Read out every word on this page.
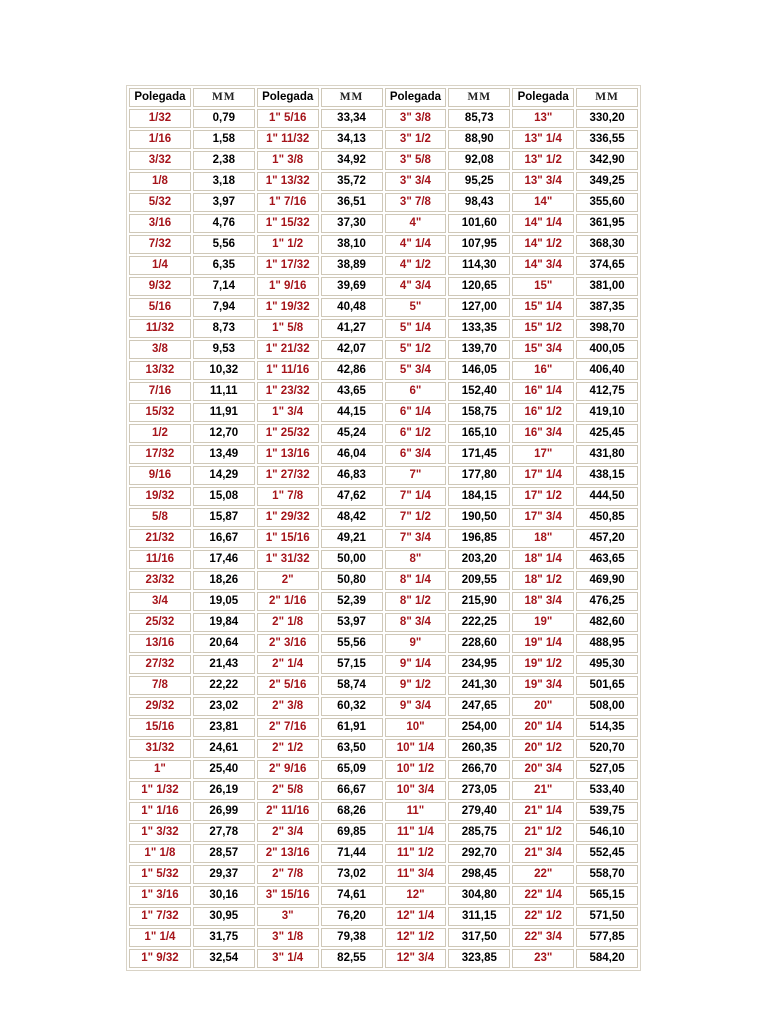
Polegada	MM	Polegada	MM	Polegada	MM	Polegada	MM
1/32	0,79	1" 5/16	33,34	3" 3/8	85,73	13"	330,20
1/16	1,58	1" 11/32	34,13	3" 1/2	88,90	13" 1/4	336,55
3/32	2,38	1" 3/8	34,92	3" 5/8	92,08	13" 1/2	342,90
1/8	3,18	1" 13/32	35,72	3" 3/4	95,25	13" 3/4	349,25
5/32	3,97	1" 7/16	36,51	3" 7/8	98,43	14"	355,60
3/16	4,76	1" 15/32	37,30	4"	101,60	14" 1/4	361,95
7/32	5,56	1" 1/2	38,10	4" 1/4	107,95	14" 1/2	368,30
1/4	6,35	1" 17/32	38,89	4" 1/2	114,30	14" 3/4	374,65
9/32	7,14	1" 9/16	39,69	4" 3/4	120,65	15"	381,00
5/16	7,94	1" 19/32	40,48	5"	127,00	15" 1/4	387,35
11/32	8,73	1" 5/8	41,27	5" 1/4	133,35	15" 1/2	398,70
3/8	9,53	1" 21/32	42,07	5" 1/2	139,70	15" 3/4	400,05
13/32	10,32	1" 11/16	42,86	5" 3/4	146,05	16"	406,40
7/16	11,11	1" 23/32	43,65	6"	152,40	16" 1/4	412,75
15/32	11,91	1" 3/4	44,15	6" 1/4	158,75	16" 1/2	419,10
1/2	12,70	1" 25/32	45,24	6" 1/2	165,10	16" 3/4	425,45
17/32	13,49	1" 13/16	46,04	6" 3/4	171,45	17"	431,80
9/16	14,29	1" 27/32	46,83	7"	177,80	17" 1/4	438,15
19/32	15,08	1" 7/8	47,62	7" 1/4	184,15	17" 1/2	444,50
5/8	15,87	1" 29/32	48,42	7" 1/2	190,50	17" 3/4	450,85
21/32	16,67	1" 15/16	49,21	7" 3/4	196,85	18"	457,20
11/16	17,46	1" 31/32	50,00	8"	203,20	18" 1/4	463,65
23/32	18,26	2"	50,80	8" 1/4	209,55	18" 1/2	469,90
3/4	19,05	2" 1/16	52,39	8" 1/2	215,90	18" 3/4	476,25
25/32	19,84	2" 1/8	53,97	8" 3/4	222,25	19"	482,60
13/16	20,64	2" 3/16	55,56	9"	228,60	19" 1/4	488,95
27/32	21,43	2" 1/4	57,15	9" 1/4	234,95	19" 1/2	495,30
7/8	22,22	2" 5/16	58,74	9" 1/2	241,30	19" 3/4	501,65
29/32	23,02	2" 3/8	60,32	9" 3/4	247,65	20"	508,00
15/16	23,81	2" 7/16	61,91	10"	254,00	20" 1/4	514,35
31/32	24,61	2" 1/2	63,50	10" 1/4	260,35	20" 1/2	520,70
1"	25,40	2" 9/16	65,09	10" 1/2	266,70	20" 3/4	527,05
1" 1/32	26,19	2" 5/8	66,67	10" 3/4	273,05	21"	533,40
1" 1/16	26,99	2" 11/16	68,26	11"	279,40	21" 1/4	539,75
1" 3/32	27,78	2" 3/4	69,85	11" 1/4	285,75	21" 1/2	546,10
1" 1/8	28,57	2" 13/16	71,44	11" 1/2	292,70	21" 3/4	552,45
1" 5/32	29,37	2" 7/8	73,02	11" 3/4	298,45	22"	558,70
1" 3/16	30,16	3" 15/16	74,61	12"	304,80	22" 1/4	565,15
1" 7/32	30,95	3"	76,20	12" 1/4	311,15	22" 1/2	571,50
1" 1/4	31,75	3" 1/8	79,38	12" 1/2	317,50	22" 3/4	577,85
1" 9/32	32,54	3" 1/4	82,55	12" 3/4	323,85	23"	584,20
